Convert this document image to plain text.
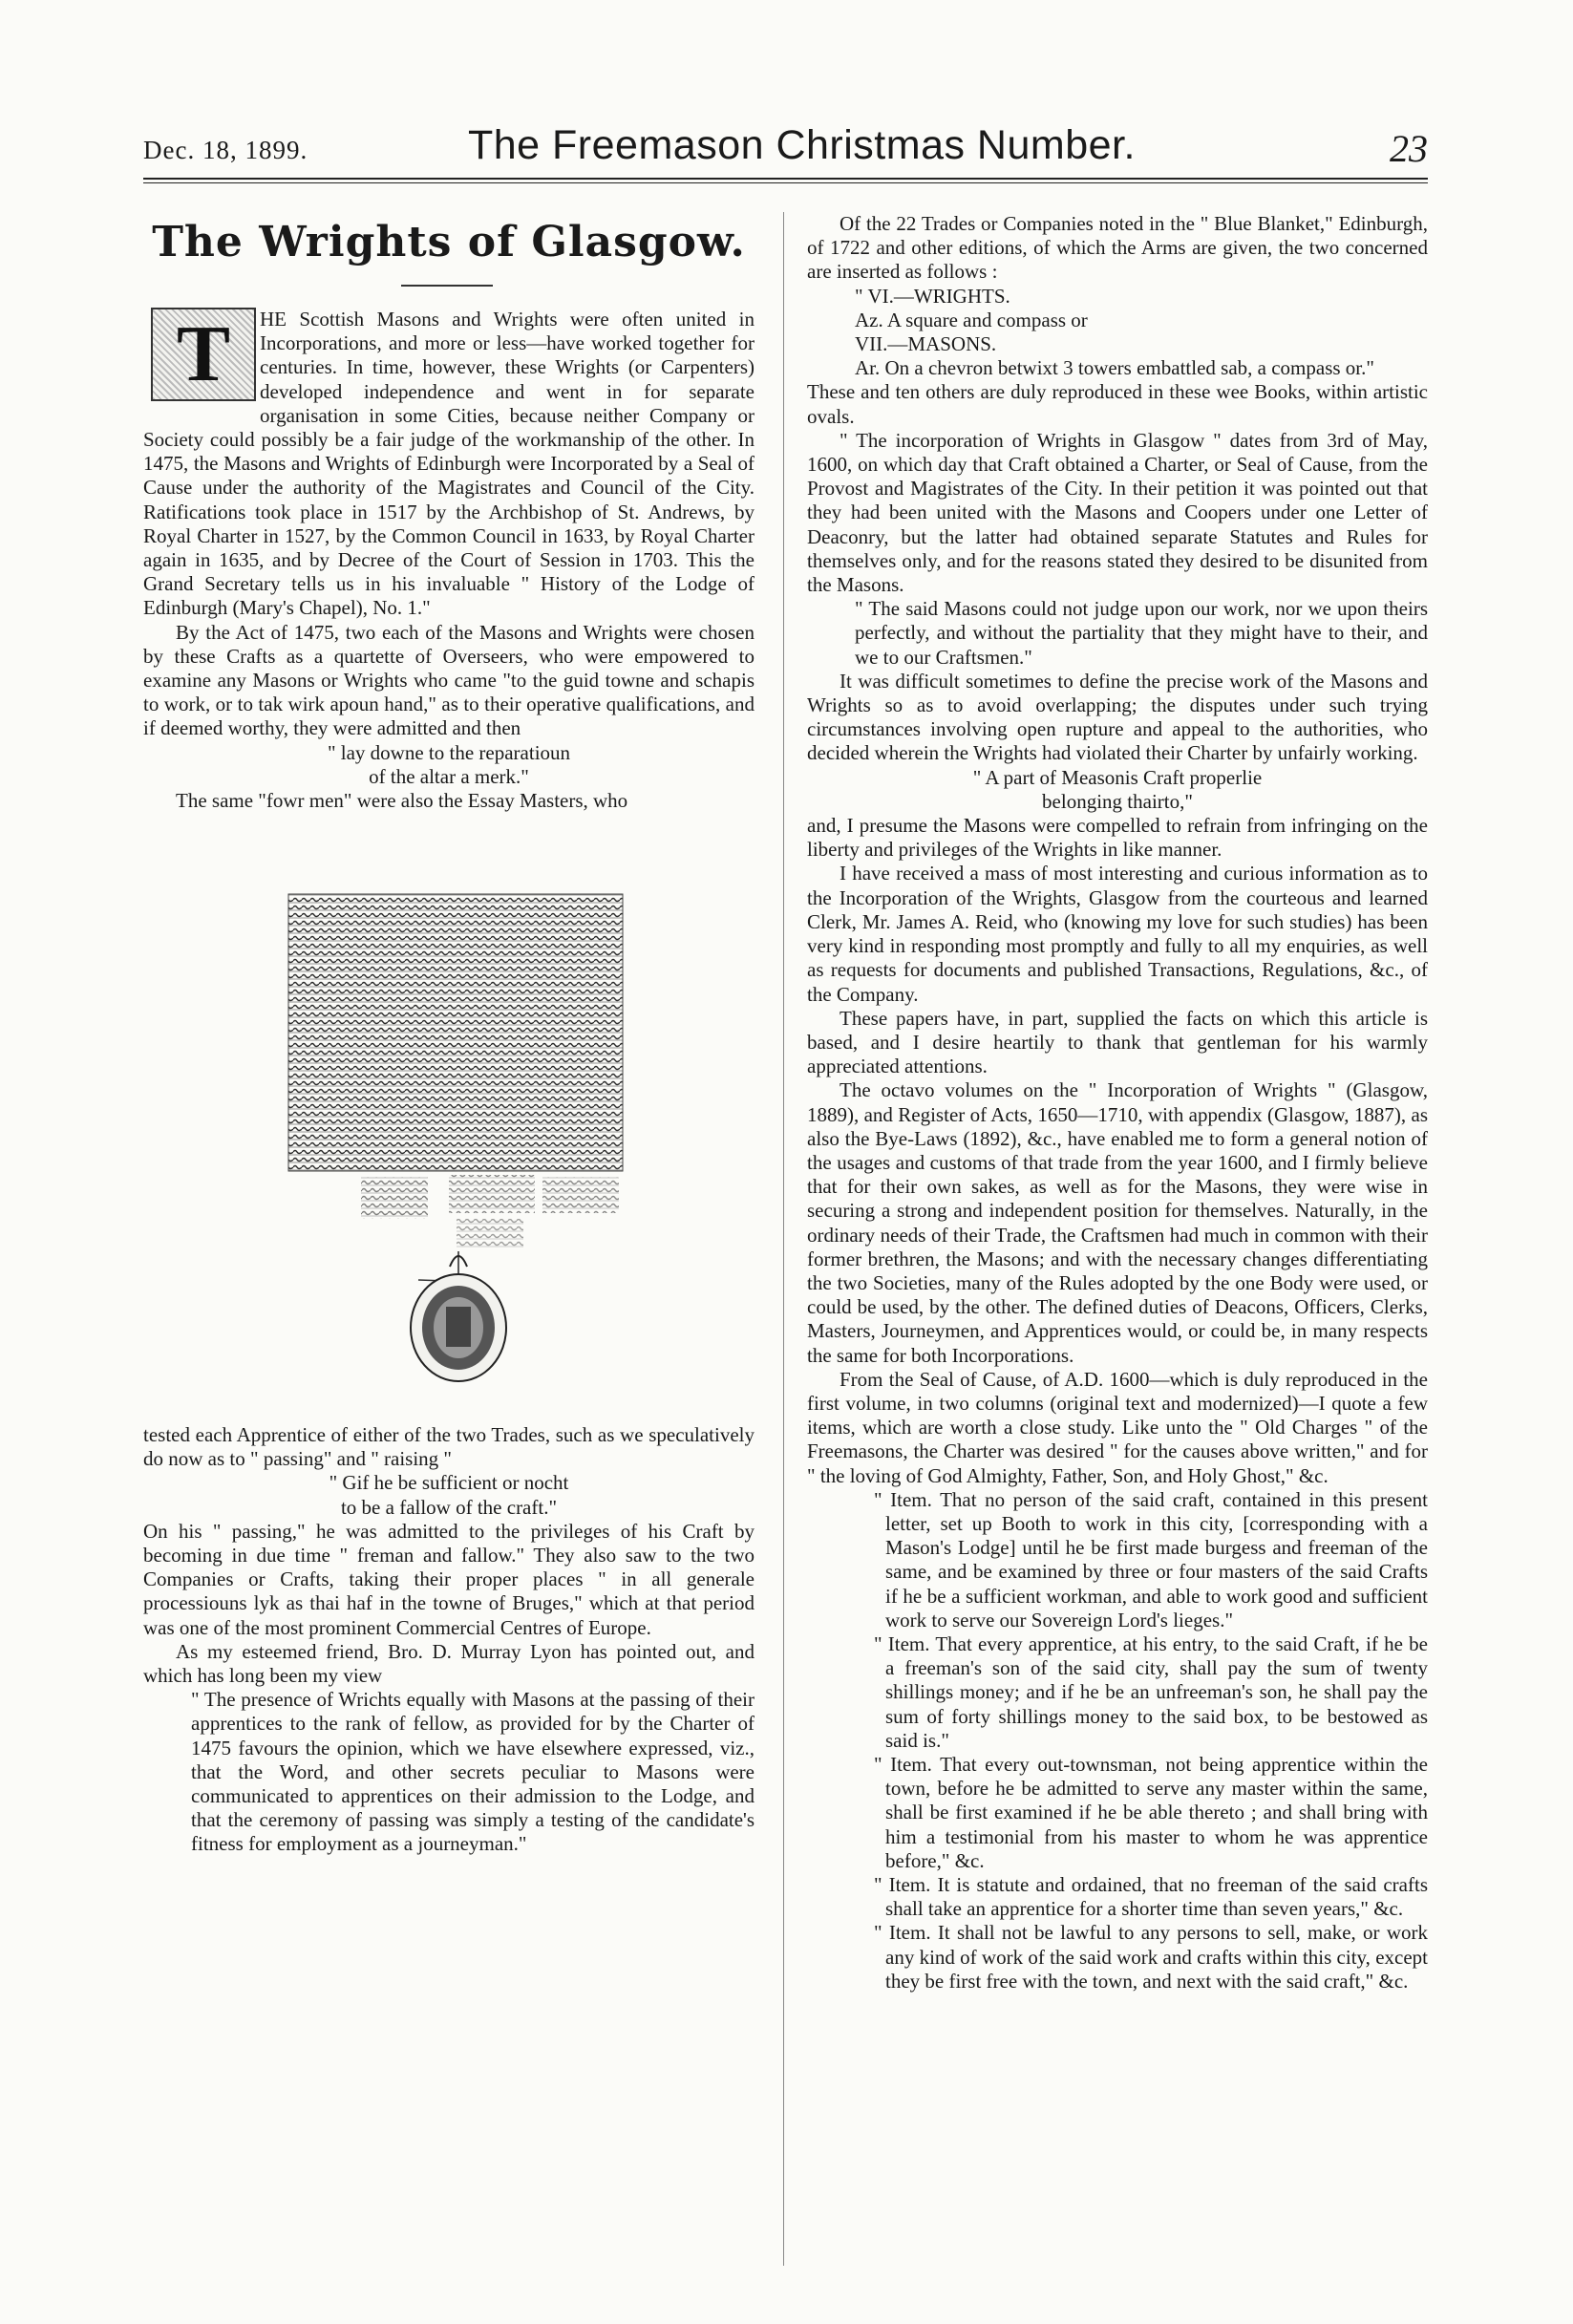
Dec. 18, 1899.	The Freemason Christmas Number.	23
The Wrights of Glasgow.
T	HE Scottish Masons and Wrights were often united in Incorporations, and more or less—have worked together for centuries. In time, however, these Wrights (or Carpenters) developed independence and went in for separate organisation in some Cities, because neither Company or Society could possibly be a fair judge of the workmanship of the other. In 1475, the Masons and Wrights of Edinburgh were Incorporated by a Seal of Cause under the authority of the Magistrates and Council of the City. Ratifications took place in 1517 by the Archbishop of St. Andrews, by Royal Charter in 1527, by the Common Council in 1633, by Royal Charter again in 1635, and by Decree of the Court of Session in 1703. This the Grand Secretary tells us in his invaluable " History of the Lodge of Edinburgh (Mary's Chapel), No. 1."

By the Act of 1475, two each of the Masons and Wrights were chosen by these Crafts as a quartette of Overseers, who were empowered to examine any Masons or Wrights who came "to the guid towne and schapis to work, or to tak wirk apoun hand," as to their operative qualifications, and if deemed worthy, they were admitted and then

" lay downe to the reparatioun

of the altar a merk."

The same "fowr men" were also the Essay Masters, who

tested each Apprentice of either of the two Trades, such as we speculatively do now as to " passing" and " raising "

" Gif he be sufficient or nocht

to be a fallow of the craft."

On his " passing," he was admitted to the privileges of his Craft by becoming in due time " freman and fallow." They also saw to the two Companies or Crafts, taking their proper places " in all generale processiouns lyk as thai haf in the towne of Bruges," which at that period was one of the most prominent Commercial Centres of Europe.

As my esteemed friend, Bro. D. Murray Lyon has pointed out, and which has long been my view

" The presence of Wrichts equally with Masons at the passing of their apprentices to the rank of fellow, as provided for by the Charter of 1475 favours the opinion, which we have elsewhere expressed, viz., that the Word, and other secrets peculiar to Masons were communicated to apprentices on their admission to the Lodge, and that the ceremony of passing was simply a testing of the candidate's fitness for employment as a journeyman."

Of the 22 Trades or Companies noted in the " Blue Blanket," Edinburgh, of 1722 and other editions, of which the Arms are given, the two concerned are inserted as follows :

" VI.—WRIGHTS.

Az. A square and compass or

VII.—MASONS.

Ar. On a chevron betwixt 3 towers embattled sab, a compass or."

These and ten others are duly reproduced in these wee Books, within artistic ovals.

" The incorporation of Wrights in Glasgow " dates from 3rd of May, 1600, on which day that Craft obtained a Charter, or Seal of Cause, from the Provost and Magistrates of the City. In their petition it was pointed out that they had been united with the Masons and Coopers under one Letter of Deaconry, but the latter had obtained separate Statutes and Rules for themselves only, and for the reasons stated they desired to be disunited from the Masons.

" The said Masons could not judge upon our work, nor we upon theirs perfectly, and without the partiality that they might have to their, and we to our Craftsmen."

It was difficult sometimes to define the precise work of the Masons and Wrights so as to avoid overlapping; the disputes under such trying circumstances involving open rupture and appeal to the authorities, who decided wherein the Wrights had violated their Charter by unfairly working.

" A part of Measonis Craft properlie

belonging thairto,"

and, I presume the Masons were compelled to refrain from infringing on the liberty and privileges of the Wrights in like manner.

I have received a mass of most interesting and curious information as to the Incorporation of the Wrights, Glasgow from the courteous and learned Clerk, Mr. James A. Reid, who (knowing my love for such studies) has been very kind in responding most promptly and fully to all my enquiries, as well as requests for documents and published Transactions, Regulations, &c., of the Company.

These papers have, in part, supplied the facts on which this article is based, and I desire heartily to thank that gentleman for his warmly appreciated attentions.

The octavo volumes on the " Incorporation of Wrights " (Glasgow, 1889), and Register of Acts, 1650—1710, with appendix (Glasgow, 1887), as also the Bye-Laws (1892), &c., have enabled me to form a general notion of the usages and customs of that trade from the year 1600, and I firmly believe that for their own sakes, as well as for the Masons, they were wise in securing a strong and independent position for themselves. Naturally, in the ordinary needs of their Trade, the Craftsmen had much in common with their former brethren, the Masons; and with the necessary changes differentiating the two Societies, many of the Rules adopted by the one Body were used, or could be used, by the other. The defined duties of Deacons, Officers, Clerks, Masters, Journeymen, and Apprentices would, or could be, in many respects the same for both Incorporations.

From the Seal of Cause, of A.D. 1600—which is duly reproduced in the first volume, in two columns (original text and modernized)—I quote a few items, which are worth a close study. Like unto the " Old Charges " of the Freemasons, the Charter was desired " for the causes above written," and for " the loving of God Almighty, Father, Son, and Holy Ghost," &c.

" Item. That no person of the said craft, contained in this present letter, set up Booth to work in this city, [corresponding with a Mason's Lodge] until he be first made burgess and freeman of the same, and be examined by three or four masters of the said Crafts if he be a sufficient workman, and able to work good and sufficient work to serve our Sovereign Lord's lieges."

" Item. That every apprentice, at his entry, to the said Craft, if he be a freeman's son of the said city, shall pay the sum of twenty shillings money; and if he be an unfreeman's son, he shall pay the sum of forty shillings money to the said box, to be bestowed as said is."

" Item. That every out-townsman, not being apprentice within the town, before he be admitted to serve any master within the same, shall be first examined if he be able thereto ; and shall bring with him a testimonial from his master to whom he was apprentice before," &c.

" Item. It is statute and ordained, that no freeman of the said crafts shall take an apprentice for a shorter time than seven years," &c.

" Item. It shall not be lawful to any persons to sell, make, or work any kind of work of the said work and crafts within this city, except they be first free with the town, and next with the said craft," &c.
